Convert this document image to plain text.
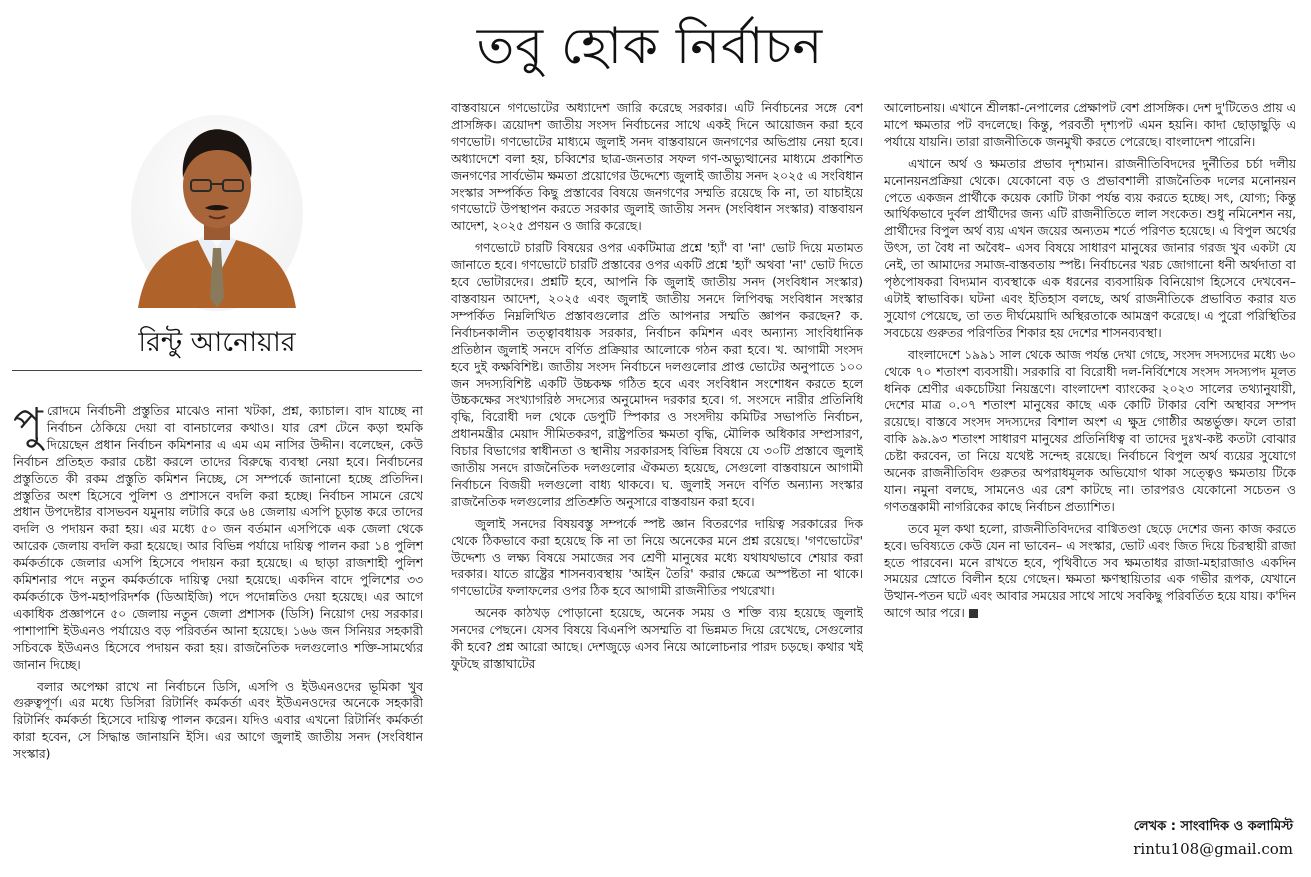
তবু হোক নির্বাচন
রিন্টু আনোয়ার

পুরোদমে নির্বাচনী প্রস্তুতির মাঝেও নানা খটকা, প্রশ্ন, ক্যাচাল। বাদ যাচ্ছে না নির্বাচন ঠেকিয়ে দেয়া বা বানচালের কথাও। যার রেশ টেনে কড়া হুমকি দিয়েছেন প্রধান নির্বাচন কমিশনার এ এম এম নাসির উদ্দীন। বলেছেন, কেউ নির্বাচন প্রতিহত করার চেষ্টা করলে তাদের বিরুদ্ধে ব্যবস্থা নেয়া হবে। নির্বাচনের প্রস্তুতিতে কী রকম প্রস্তুতি কমিশন নিচ্ছে, সে সম্পর্কে জানানো হচ্ছে প্রতিদিন। প্রস্তুতির অংশ হিসেবে পুলিশ ও প্রশাসনে বদলি করা হচ্ছে। নির্বাচন সামনে রেখে প্রধান উপদেষ্টার বাসভবন যমুনায় লটারি করে ৬৪ জেলায় এসপি চূড়ান্ত করে তাদের বদলি ও পদায়ন করা হয়। এর মধ্যে ৫০ জন বর্তমান এসপিকে এক জেলা থেকে আরেক জেলায় বদলি করা হয়েছে। আর বিভিন্ন পর্যায়ে দায়িত্ব পালন করা ১৪ পুলিশ কর্মকর্তাকে জেলার এসপি হিসেবে পদায়ন করা হয়েছে। এ ছাড়া রাজশাহী পুলিশ কমিশনার পদে নতুন কর্মকর্তাকে দায়িত্ব দেয়া হয়েছে। একদিন বাদে পুলিশের ৩৩ কর্মকর্তাকে উপ-মহাপরিদর্শক (ডিআইজি) পদে পদোন্নতিও দেয়া হয়েছে। এর আগে একাধিক প্রজ্ঞাপনে ৫০ জেলায় নতুন জেলা প্রশাসক (ডিসি) নিয়োগ দেয় সরকার। পাশাপাশি ইউএনও পর্যায়েও বড় পরিবর্তন আনা হয়েছে। ১৬৬ জন সিনিয়র সহকারী সচিবকে ইউএনও হিসেবে পদায়ন করা হয়। রাজনৈতিক দলগুলোও শক্তি-সামর্থ্যের জানান দিচ্ছে।

বলার অপেক্ষা রাখে না নির্বাচনে ডিসি, এসপি ও ইউএনওদের ভূমিকা খুব গুরুত্বপূর্ণ। এর মধ্যে ডিসিরা রিটার্নিং কর্মকর্তা এবং ইউএনওদের অনেকে সহকারী রিটার্নিং কর্মকর্তা হিসেবে দায়িত্ব পালন করেন। যদিও এবার এখনো রিটার্নিং কর্মকর্তা কারা হবেন, সে সিদ্ধান্ত জানায়নি ইসি। এর আগে জুলাই জাতীয় সনদ (সংবিধান সংস্কার)

বাস্তবায়নে গণভোটের অধ্যাদেশ জারি করেছে সরকার। এটি নির্বাচনের সঙ্গে বেশ প্রাসঙ্গিক। ত্রয়োদশ জাতীয় সংসদ নির্বাচনের সাথে একই দিনে আয়োজন করা হবে গণভোট। গণভোটের মাধ্যমে জুলাই সনদ বাস্তবায়নে জনগণের অভিপ্রায় নেয়া হবে। অধ্যাদেশে বলা হয়, চব্বিশের ছাত্র-জনতার সফল গণ-অভ্যুত্থানের মাধ্যমে প্রকাশিত জনগণের সার্বভৌম ক্ষমতা প্রয়োগের উদ্দেশ্যে জুলাই জাতীয় সনদ ২০২৫ এ সংবিধান সংস্কার সম্পর্কিত কিছু প্রস্তাবের বিষয়ে জনগণের সম্মতি রয়েছে কি না, তা যাচাইয়ে গণভোটে উপস্থাপন করতে সরকার জুলাই জাতীয় সনদ (সংবিধান সংস্কার) বাস্তবায়ন আদেশ, ২০২৫ প্রণয়ন ও জারি করেছে।

গণভোটে চারটি বিষয়ের ওপর একটিমাত্র প্রশ্নে 'হ্যাঁ' বা 'না' ভোট দিয়ে মতামত জানাতে হবে। গণভোটে চারটি প্রস্তাবের ওপর একটি প্রশ্নে 'হ্যাঁ' অথবা 'না' ভোট দিতে হবে ভোটারদের। প্রশ্নটি হবে, আপনি কি জুলাই জাতীয় সনদ (সংবিধান সংস্কার) বাস্তবায়ন আদেশ, ২০২৫ এবং জুলাই জাতীয় সনদে লিপিবদ্ধ সংবিধান সংস্কার সম্পর্কিত নিম্নলিখিত প্রস্তাবগুলোর প্রতি আপনার সম্মতি জ্ঞাপন করছেন? ক. নির্বাচনকালীন তত্ত্বাবধায়ক সরকার, নির্বাচন কমিশন এবং অন্যান্য সাংবিধানিক প্রতিষ্ঠান জুলাই সনদে বর্ণিত প্রক্রিয়ার আলোকে গঠন করা হবে। খ. আগামী সংসদ হবে দুই কক্ষবিশিষ্ট। জাতীয় সংসদ নির্বাচনে দলগুলোর প্রাপ্ত ভোটের অনুপাতে ১০০ জন সদস্যবিশিষ্ট একটি উচ্চকক্ষ গঠিত হবে এবং সংবিধান সংশোধন করতে হলে উচ্চকক্ষের সংখ্যাগরিষ্ঠ সদস্যের অনুমোদন দরকার হবে। গ. সংসদে নারীর প্রতিনিধি বৃদ্ধি, বিরোধী দল থেকে ডেপুটি স্পিকার ও সংসদীয় কমিটির সভাপতি নির্বাচন, প্রধানমন্ত্রীর মেয়াদ সীমিতকরণ, রাষ্ট্রপতির ক্ষমতা বৃদ্ধি, মৌলিক অধিকার সম্প্রসারণ, বিচার বিভাগের স্বাধীনতা ও স্থানীয় সরকারসহ বিভিন্ন বিষয়ে যে ৩০টি প্রস্তাবে জুলাই জাতীয় সনদে রাজনৈতিক দলগুলোর ঐকমত্য হয়েছে, সেগুলো বাস্তবায়নে আগামী নির্বাচনে বিজয়ী দলগুলো বাধ্য থাকবে। ঘ. জুলাই সনদে বর্ণিত অন্যান্য সংস্কার রাজনৈতিক দলগুলোর প্রতিশ্রুতি অনুসারে বাস্তবায়ন করা হবে।

জুলাই সনদের বিষয়বস্তু সম্পর্কে স্পষ্ট জ্ঞান বিতরণের দায়িত্ব সরকারের দিক থেকে ঠিকভাবে করা হয়েছে কি না তা নিয়ে অনেকের মনে প্রশ্ন রয়েছে। 'গণভোটের' উদ্দেশ্য ও লক্ষ্য বিষয়ে সমাজের সব শ্রেণী মানুষের মধ্যে যথাযথভাবে শেয়ার করা দরকার। যাতে রাষ্ট্রের শাসনব্যবস্থায় 'আইন তৈরি' করার ক্ষেত্রে অস্পষ্টতা না থাকে। গণভোটের ফলাফলের ওপর ঠিক হবে আগামী রাজনীতির পথরেখা।

অনেক কাঠখড় পোড়ানো হয়েছে, অনেক সময় ও শক্তি ব্যয় হয়েছে জুলাই সনদের পেছনে। যেসব বিষয়ে বিএনপি অসম্মতি বা ভিন্নমত দিয়ে রেখেছে, সেগুলোর কী হবে? প্রশ্ন আরো আছে। দেশজুড়ে এসব নিয়ে আলোচনার পারদ চড়ছে। কথার খই ফুটছে রাস্তাঘাটের

আলোচনায়। এখানে শ্রীলঙ্কা-নেপালের প্রেক্ষাপট বেশ প্রাসঙ্গিক। দেশ দু'টিতেও প্রায় এ মাপে ক্ষমতার পট বদলেছে। কিন্তু, পরবর্তী দৃশ্যপট এমন হয়নি। কাদা ছোড়াছুড়ি এ পর্যায়ে যায়নি। তারা রাজনীতিকে জনমুখী করতে পেরেছে। বাংলাদেশ পারেনি।

এখানে অর্থ ও ক্ষমতার প্রভাব দৃশ্যমান। রাজনীতিবিদদের দুর্নীতির চর্চা দলীয় মনোনয়নপ্রক্রিয়া থেকে। যেকোনো বড় ও প্রভাবশালী রাজনৈতিক দলের মনোনয়ন পেতে একজন প্রার্থীকে কয়েক কোটি টাকা পর্যন্ত ব্যয় করতে হচ্ছে। সৎ, যোগ্য; কিন্তু আর্থিকভাবে দুর্বল প্রার্থীদের জন্য এটি রাজনীতিতে লাল সংকেত। শুধু নমিনেশন নয়, প্রার্থীদের বিপুল অর্থ ব্যয় এখন জয়ের অন্যতম শর্তে পরিণত হয়েছে। এ বিপুল অর্থের উৎস, তা বৈধ না অবৈধ– এসব বিষয়ে সাধারণ মানুষের জানার গরজ খুব একটা যে নেই, তা আমাদের সমাজ-বাস্তবতায় স্পষ্ট। নির্বাচনের খরচ জোগানো ধনী অর্থদাতা বা পৃষ্ঠপোষকরা বিদ্যমান ব্যবস্থাকে এক ধরনের ব্যবসায়িক বিনিয়োগ হিসেবে দেখবেন– এটাই স্বাভাবিক। ঘটনা এবং ইতিহাস বলছে, অর্থ রাজনীতিকে প্রভাবিত করার যত সুযোগ পেয়েছে, তা তত দীর্ঘমেয়াদি অস্থিরতাকে আমন্ত্রণ করেছে। এ পুরো পরিস্থিতির সবচেয়ে গুরুতর পরিণতির শিকার হয় দেশের শাসনব্যবস্থা।

বাংলাদেশে ১৯৯১ সাল থেকে আজ পর্যন্ত দেখা গেছে, সংসদ সদস্যদের মধ্যে ৬০ থেকে ৭০ শতাংশ ব্যবসায়ী। সরকারি বা বিরোধী দল-নির্বিশেষে সংসদ সদস্যপদ মূলত ধনিক শ্রেণীর একচেটিয়া নিয়ন্ত্রণে। বাংলাদেশ ব্যাংকের ২০২৩ সালের তথ্যানুযায়ী, দেশের মাত্র ০.০৭ শতাংশ মানুষের কাছে এক কোটি টাকার বেশি অস্থাবর সম্পদ রয়েছে। বাস্তবে সংসদ সদস্যদের বিশাল অংশ এ ক্ষুদ্র গোষ্ঠীর অন্তর্ভুক্ত। ফলে তারা বাকি ৯৯.৯৩ শতাংশ সাধারণ মানুষের প্রতিনিধিত্ব বা তাদের দুঃখ-কষ্ট কতটা বোঝার চেষ্টা করবেন, তা নিয়ে যথেষ্ট সন্দেহ রয়েছে। নির্বাচনে বিপুল অর্থ ব্যয়ের সুযোগে অনেক রাজনীতিবিদ গুরুতর অপরাধমূলক অভিযোগ থাকা সত্ত্বেও ক্ষমতায় টিকে যান। নমুনা বলছে, সামনেও এর রেশ কাটছে না। তারপরও যেকোনো সচেতন ও গণতন্ত্রকামী নাগরিকের কাছে নির্বাচন প্রত্যাশিত।

তবে মূল কথা হলো, রাজনীতিবিদদের বাগ্বিতণ্ডা ছেড়ে দেশের জন্য কাজ করতে হবে। ভবিষ্যতে কেউ যেন না ভাবেন– এ সংস্কার, ভোট এবং জিত দিয়ে চিরস্থায়ী রাজা হতে পারবেন। মনে রাখতে হবে, পৃথিবীতে সব ক্ষমতাধর রাজা-মহারাজাও একদিন সময়ের স্রোতে বিলীন হয়ে গেছেন। ক্ষমতা ক্ষণস্থায়িতার এক গভীর রূপক, যেখানে উত্থান-পতন ঘটে এবং আবার সময়ের সাথে সাথে সবকিছু পরিবর্তিত হয়ে যায়। ক'দিন আগে আর পরে।

লেখক : সাংবাদিক ও কলামিস্ট
rintu108@gmail.com
